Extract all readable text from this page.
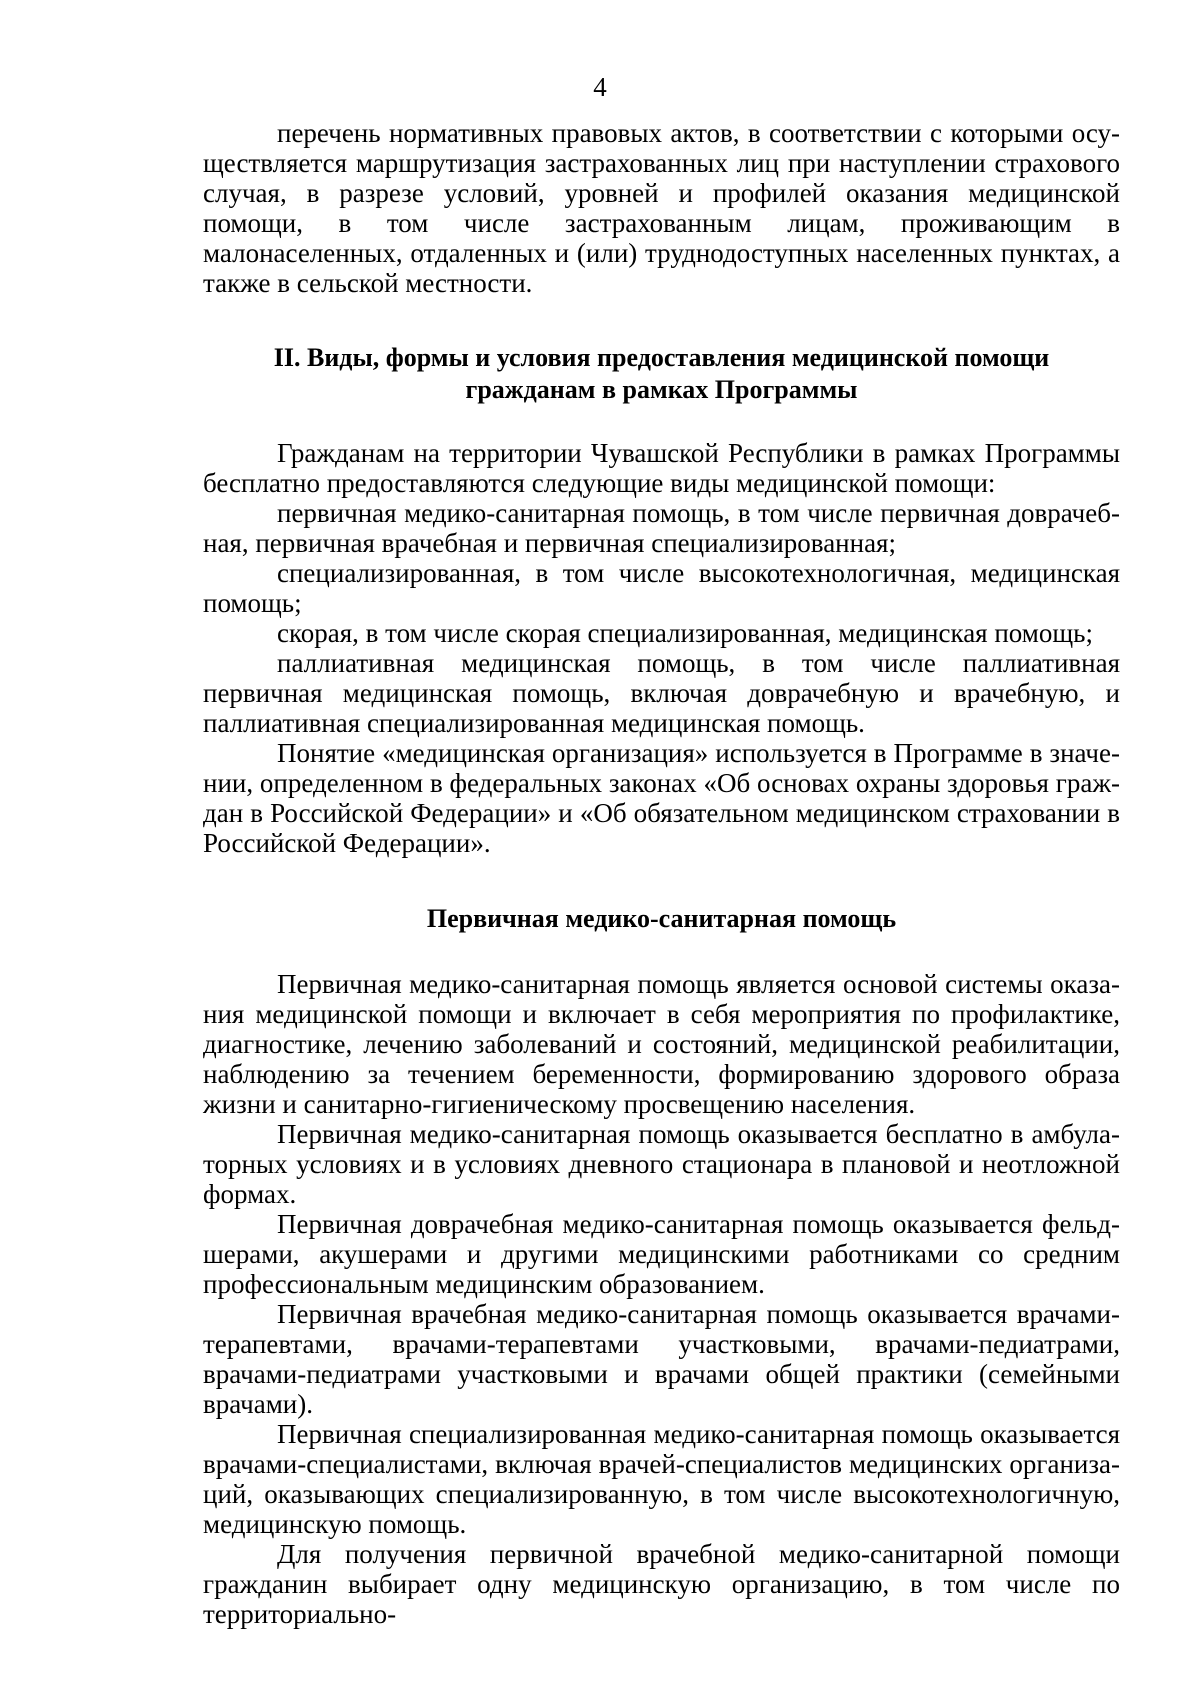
4

перечень нормативных правовых актов, в соответствии с которыми осуществляется маршрутизация застрахованных лиц при наступлении страхового случая, в разрезе условий, уровней и профилей оказания медицинской помощи, в том числе застрахованным лицам, проживающим в малонаселенных, отдаленных и (или) труднодоступных населенных пунктах, а также в сельской местности.

II. Виды, формы и условия предоставления медицинской помощи
гражданам в рамках Программы

Гражданам на территории Чувашской Республики в рамках Программы бесплатно предоставляются следующие виды медицинской помощи:

первичная медико-санитарная помощь, в том числе первичная доврачебная, первичная врачебная и первичная специализированная;

специализированная, в том числе высокотехнологичная, медицинская помощь;

скорая, в том числе скорая специализированная, медицинская помощь;

паллиативная медицинская помощь, в том числе паллиативная первичная медицинская помощь, включая доврачебную и врачебную, и паллиативная специализированная медицинская помощь.

Понятие «медицинская организация» используется в Программе в значении, определенном в федеральных законах «Об основах охраны здоровья граждан в Российской Федерации» и «Об обязательном медицинском страховании в Российской Федерации».

Первичная медико-санитарная помощь

Первичная медико-санитарная помощь является основой системы оказания медицинской помощи и включает в себя мероприятия по профилактике, диагностике, лечению заболеваний и состояний, медицинской реабилитации, наблюдению за течением беременности, формированию здорового образа жизни и санитарно-гигиеническому просвещению населения.

Первичная медико-санитарная помощь оказывается бесплатно в амбулаторных условиях и в условиях дневного стационара в плановой и неотложной формах.

Первичная доврачебная медико-санитарная помощь оказывается фельдшерами, акушерами и другими медицинскими работниками со средним профессиональным медицинским образованием.

Первичная врачебная медико-санитарная помощь оказывается врачами-терапевтами, врачами-терапевтами участковыми, врачами-педиатрами, врачами-педиатрами участковыми и врачами общей практики (семейными врачами).

Первичная специализированная медико-санитарная помощь оказывается врачами-специалистами, включая врачей-специалистов медицинских организаций, оказывающих специализированную, в том числе высокотехнологичную, медицинскую помощь.

Для получения первичной врачебной медико-санитарной помощи гражданин выбирает одну медицинскую организацию, в том числе по территориально-
